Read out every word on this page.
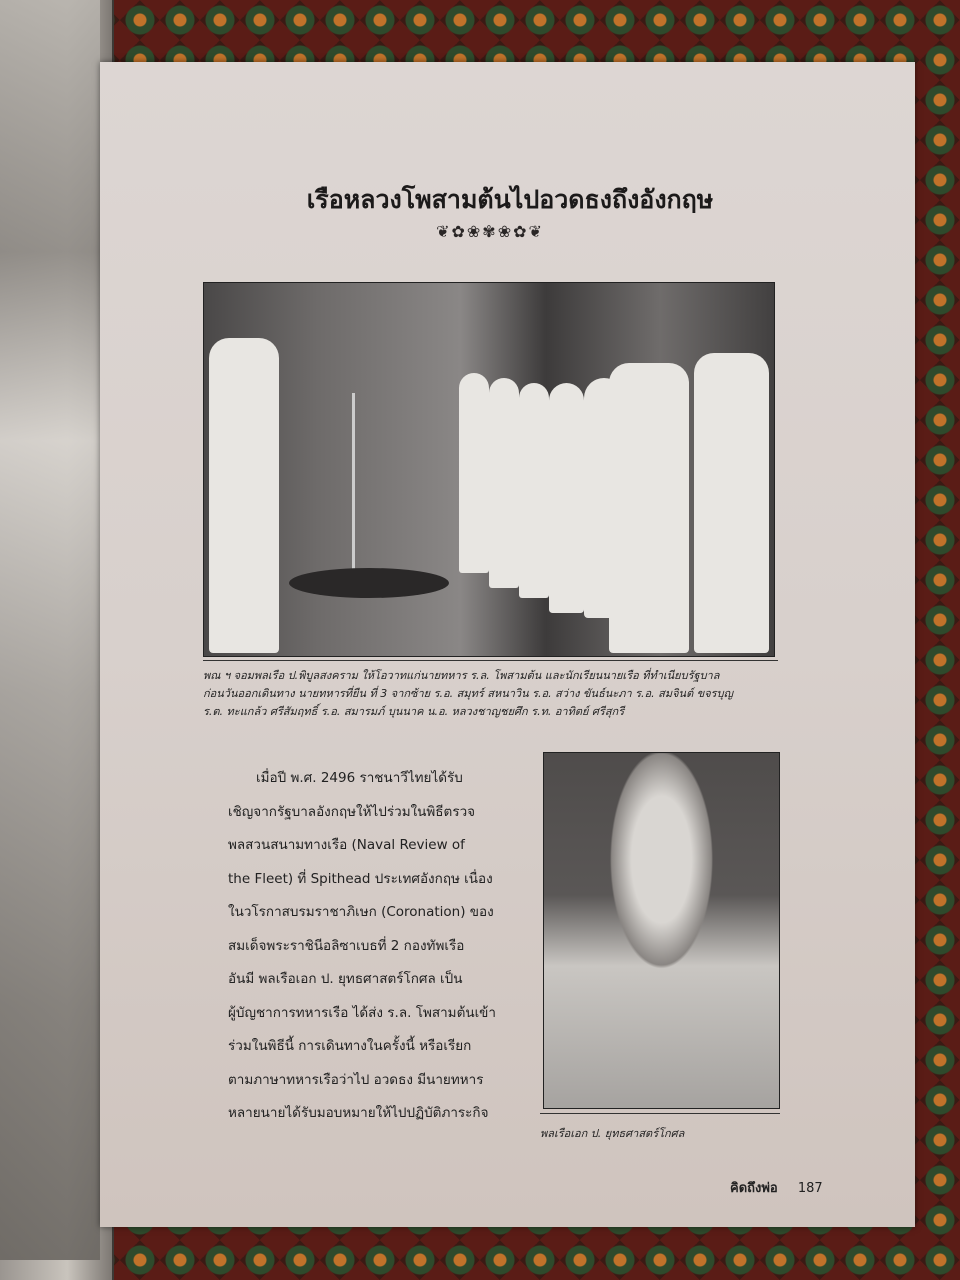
เรือหลวงโพสามต้นไปอวดธงถึงอังกฤษ
❦✿❀✾❀✿❦
พณ ฯ จอมพลเรือ ป.พิบูลสงคราม ให้โอวาทแก่นายทหาร ร.ล. โพสามต้น และนักเรียนนายเรือ ที่ทำเนียบรัฐบาล
ก่อนวันออกเดินทาง นายทหารที่ยืน ที่ 3 จากซ้าย ร.อ. สมุทร์ สหนาวิน ร.อ. สว่าง ขันธ์นะภา ร.อ. สมจินต์ ขจรบุญ
ร.ต. ทะแกล้ว ศรีสัมฤทธิ์ ร.อ. สมารมภ์ บุนนาค น.อ. หลวงชาญชยศึก ร.ท. อาทิตย์ ศรีสุกรี

เมื่อปี พ.ศ. 2496 ราชนาวีไทยได้รับ

เชิญจากรัฐบาลอังกฤษให้ไปร่วมในพิธีตรวจ
พลสวนสนามทางเรือ (Naval Review of
the Fleet) ที่ Spithead ประเทศอังกฤษ เนื่อง
ในวโรกาสบรมราชาภิเษก (Coronation) ของ
สมเด็จพระราชินีอลิซาเบธที่ 2 กองทัพเรือ
อันมี พลเรือเอก ป. ยุทธศาสตร์โกศล เป็น
ผู้บัญชาการทหารเรือ ได้ส่ง ร.ล. โพสามต้นเข้า
ร่วมในพิธีนี้ การเดินทางในครั้งนี้ หรือเรียก
ตามภาษาทหารเรือว่าไป อวดธง มีนายทหาร
หลายนายได้รับมอบหมายให้ไปปฏิบัติภาระกิจ
พลเรือเอก ป. ยุทธศาสตร์โกศล
คิดถึงพ่อ 187
